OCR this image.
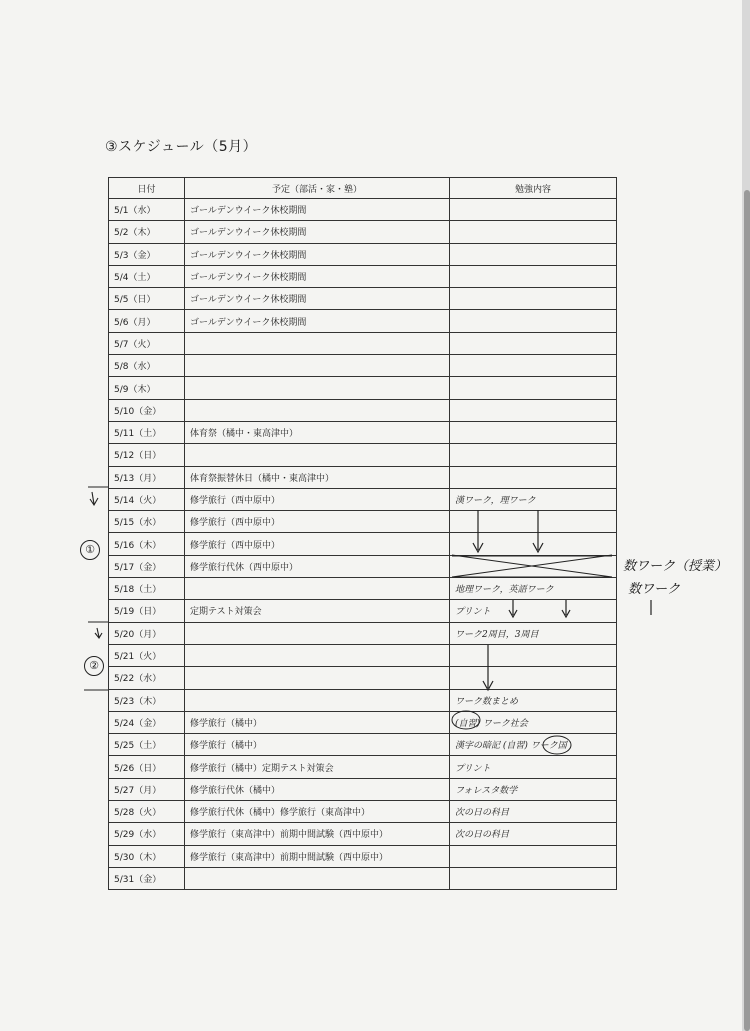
③スケジュール（5月）
日付	予定（部活・家・塾）	勉強内容
5/1（水）	ゴールデンウイーク休校期間	
5/2（木）	ゴールデンウイーク休校期間	
5/3（金）	ゴールデンウイーク休校期間	
5/4（土）	ゴールデンウイーク休校期間	
5/5（日）	ゴールデンウイーク休校期間	
5/6（月）	ゴールデンウイーク休校期間	
5/7（火）		
5/8（水）		
5/9（木）		
5/10（金）		
5/11（土）	体育祭（橘中・東高津中）	
5/12（日）		
5/13（月）	体育祭振替休日（橘中・東高津中）	
5/14（火）	修学旅行（西中原中）	漢ワーク，理ワーク
5/15（水）	修学旅行（西中原中）	
5/16（木）	修学旅行（西中原中）	
5/17（金）	修学旅行代休（西中原中）	
5/18（土）		地理ワーク，英語ワーク
5/19（日）	定期テスト対策会	プリント
5/20（月）		ワーク2周目，3周目
5/21（火）		
5/22（水）		
5/23（木）		ワーク数まとめ
5/24（金）	修学旅行（橘中）	(自習) ワーク社会
5/25（土）	修学旅行（橘中）	漢字の暗記 (自習) ワーク国
5/26（日）	修学旅行（橘中）定期テスト対策会	プリント
5/27（月）	修学旅行代休（橘中）	フォレスタ数学
5/28（火）	修学旅行代休（橘中）修学旅行（東高津中）	次の日の科目
5/29（水）	修学旅行（東高津中）前期中間試験（西中原中）	次の日の科目
5/30（木）	修学旅行（東高津中）前期中間試験（西中原中）	
5/31（金）		
①
②
数ワーク（授業）
数ワーク
